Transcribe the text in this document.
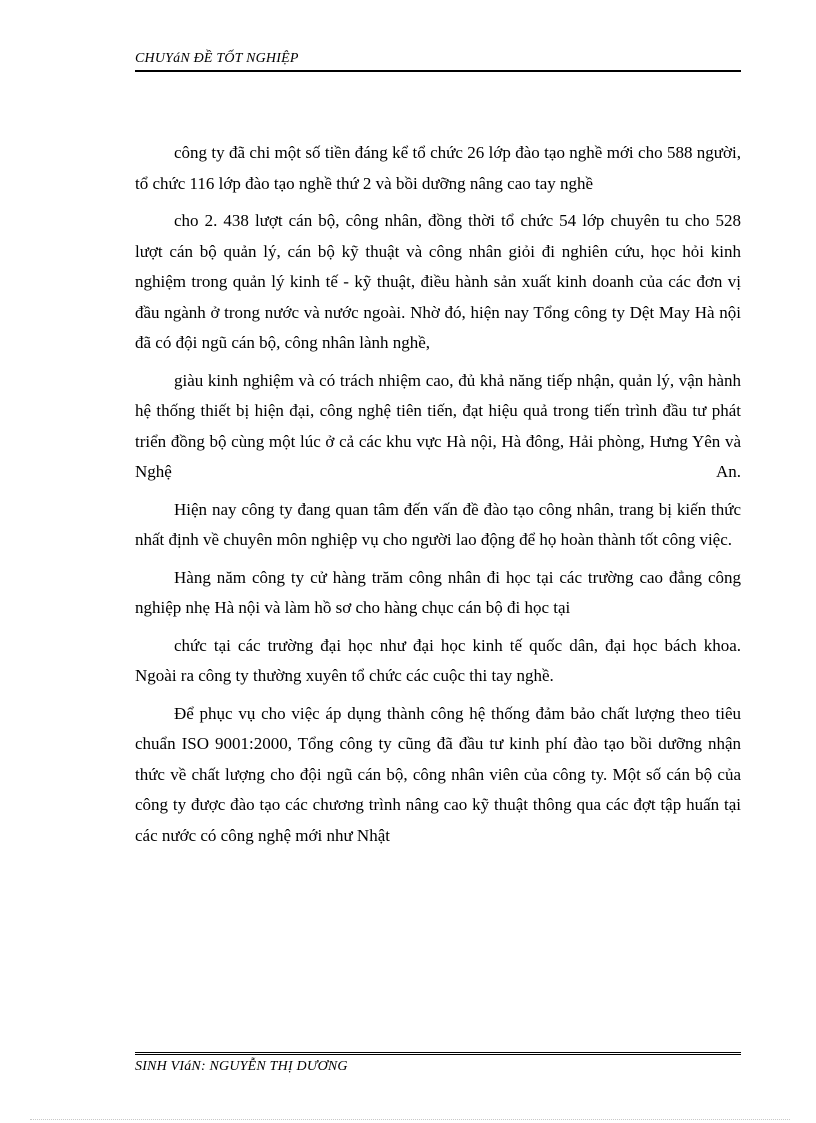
CHUYáN ĐỀ TỐT NGHIỆP

công ty đã chi một số tiền đáng kể tổ chức 26 lớp đào tạo nghề mới cho 588 người, tổ chức 116 lớp đào tạo nghề thứ 2 và bồi dưỡng nâng cao tay nghề

cho 2. 438 lượt cán bộ, công nhân, đồng thời tổ chức 54 lớp chuyên tu cho 528 lượt cán bộ quản lý, cán bộ kỹ thuật và công nhân giỏi đi nghiên cứu, học hỏi kinh nghiệm trong quản lý kinh tế - kỹ thuật, điều hành sản xuất kinh doanh của các đơn vị đầu ngành ở trong nước và nước ngoài. Nhờ đó, hiện nay Tổng công ty Dệt May Hà nội đã có đội ngũ cán bộ, công nhân lành nghề,

giàu kinh nghiệm và có trách nhiệm cao, đủ khả năng tiếp nhận, quản lý, vận hành hệ thống thiết bị hiện đại, công nghệ tiên tiến, đạt hiệu quả trong tiến trình đầu tư phát triển đồng bộ cùng một lúc ở cả các khu vực Hà nội, Hà đông, Hải phòng, Hưng Yên và Nghệ An.

Hiện nay công ty đang quan tâm đến vấn đề đào tạo công nhân, trang bị kiến thức nhất định về chuyên môn nghiệp vụ cho người lao động để họ hoàn thành tốt công việc.

Hàng năm công ty cử hàng trăm công nhân đi học tại các trường cao đẳng công nghiệp nhẹ Hà nội và làm hồ sơ cho hàng chục cán bộ đi học tại

chức tại các trường đại học như đại học kinh tế quốc dân, đại học bách khoa. Ngoài ra công ty thường xuyên tổ chức các cuộc thi tay nghề.

Để phục vụ cho việc áp dụng thành công hệ thống đảm bảo chất lượng theo tiêu chuẩn ISO 9001:2000, Tổng công ty cũng đã đầu tư kinh phí đào tạo bồi dưỡng nhận thức về chất lượng cho đội ngũ cán bộ, công nhân viên của công ty. Một số cán bộ của công ty được đào tạo các chương trình nâng cao kỹ thuật thông qua các đợt tập huấn tại các nước có công nghệ mới như Nhật

SINH VIáN: NGUYỄN THỊ DƯƠNG
